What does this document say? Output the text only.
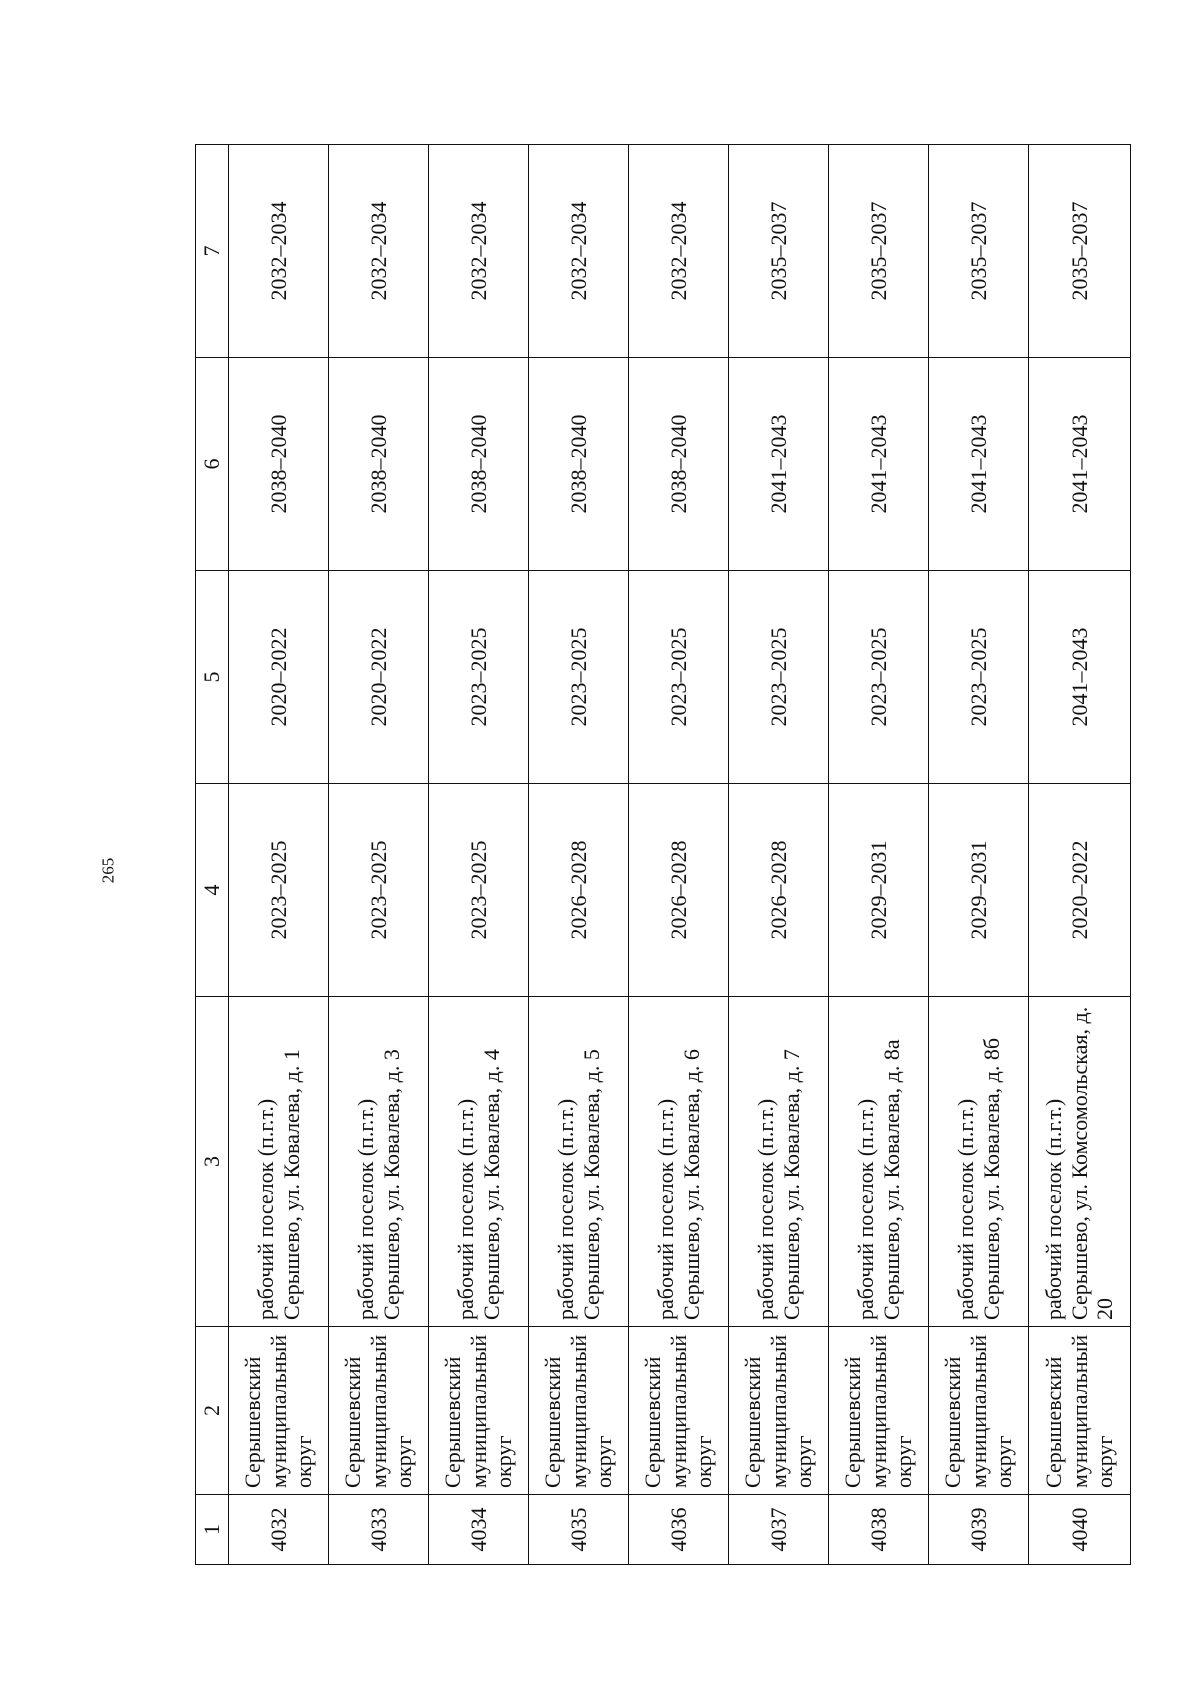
265
1	2	3	4	5	6	7
4032	Серышевский муниципальный округ	рабочий поселок (п.г.т.) Серышево, ул. Ковалева, д. 1	2023–2025	2020–2022	2038–2040	2032–2034
4033	Серышевский муниципальный округ	рабочий поселок (п.г.т.) Серышево, ул. Ковалева, д. 3	2023–2025	2020–2022	2038–2040	2032–2034
4034	Серышевский муниципальный округ	рабочий поселок (п.г.т.) Серышево, ул. Ковалева, д. 4	2023–2025	2023–2025	2038–2040	2032–2034
4035	Серышевский муниципальный округ	рабочий поселок (п.г.т.) Серышево, ул. Ковалева, д. 5	2026–2028	2023–2025	2038–2040	2032–2034
4036	Серышевский муниципальный округ	рабочий поселок (п.г.т.) Серышево, ул. Ковалева, д. 6	2026–2028	2023–2025	2038–2040	2032–2034
4037	Серышевский муниципальный округ	рабочий поселок (п.г.т.) Серышево, ул. Ковалева, д. 7	2026–2028	2023–2025	2041–2043	2035–2037
4038	Серышевский муниципальный округ	рабочий поселок (п.г.т.) Серышево, ул. Ковалева, д. 8а	2029–2031	2023–2025	2041–2043	2035–2037
4039	Серышевский муниципальный округ	рабочий поселок (п.г.т.) Серышево, ул. Ковалева, д. 8б	2029–2031	2023–2025	2041–2043	2035–2037
4040	Серышевский муниципальный округ	рабочий поселок (п.г.т.) Серышево, ул. Комсомольская, д. 20	2020–2022	2041–2043	2041–2043	2035–2037
